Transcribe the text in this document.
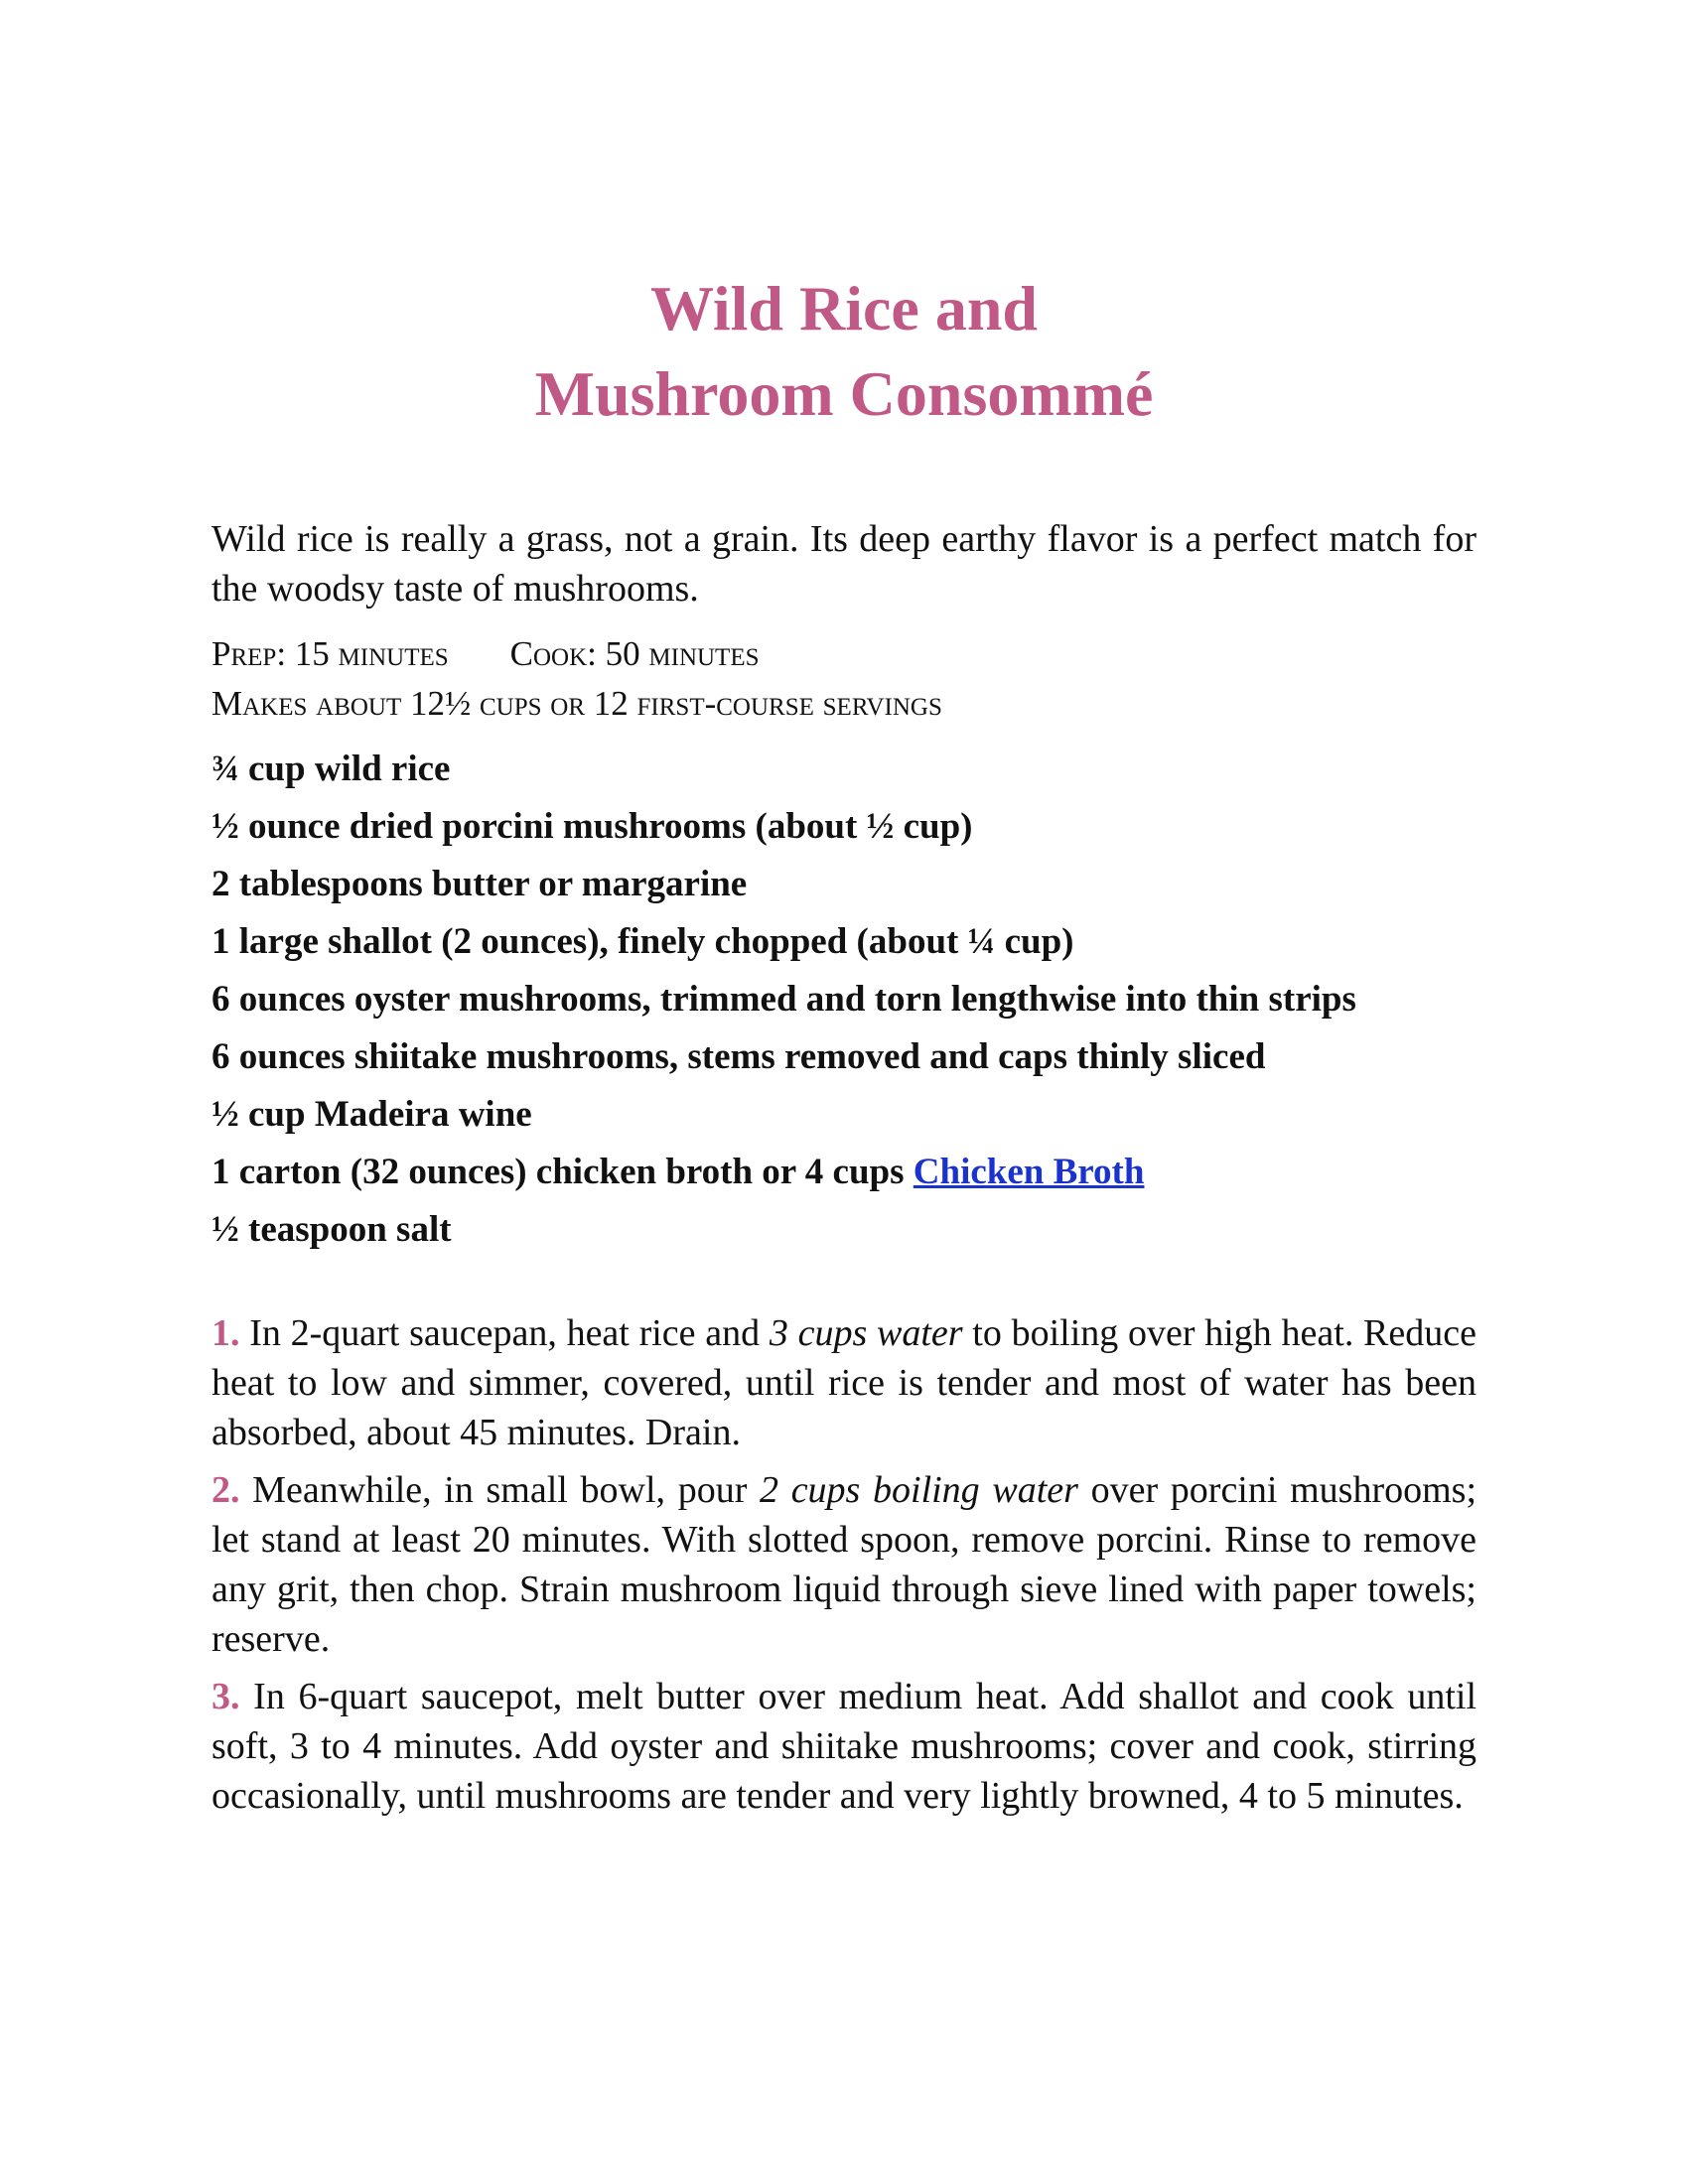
Wild Rice and
Mushroom Consommé

Wild rice is really a grass, not a grain. Its deep earthy flavor is a perfect match for the woodsy taste of mushrooms.

Prep: 15 minutes Cook: 50 minutes
Makes about 12½ cups or 12 first-course servings
¾ cup wild rice
½ ounce dried porcini mushrooms (about ½ cup)
2 tablespoons butter or margarine
1 large shallot (2 ounces), finely chopped (about ¼ cup)
6 ounces oyster mushrooms, trimmed and torn lengthwise into thin strips
6 ounces shiitake mushrooms, stems removed and caps thinly sliced
½ cup Madeira wine
1 carton (32 ounces) chicken broth or 4 cups Chicken Broth
½ teaspoon salt

1. In 2-quart saucepan, heat rice and 3 cups water to boiling over high heat. Reduce heat to low and simmer, covered, until rice is tender and most of water has been absorbed, about 45 minutes. Drain.

2. Meanwhile, in small bowl, pour 2 cups boiling water over porcini mushrooms; let stand at least 20 minutes. With slotted spoon, remove porcini. Rinse to remove any grit, then chop. Strain mushroom liquid through sieve lined with paper towels; reserve.

3. In 6-quart saucepot, melt butter over medium heat. Add shallot and cook until soft, 3 to 4 minutes. Add oyster and shiitake mushrooms; cover and cook, stirring occasionally, until mushrooms are tender and very lightly browned, 4 to 5 minutes.
